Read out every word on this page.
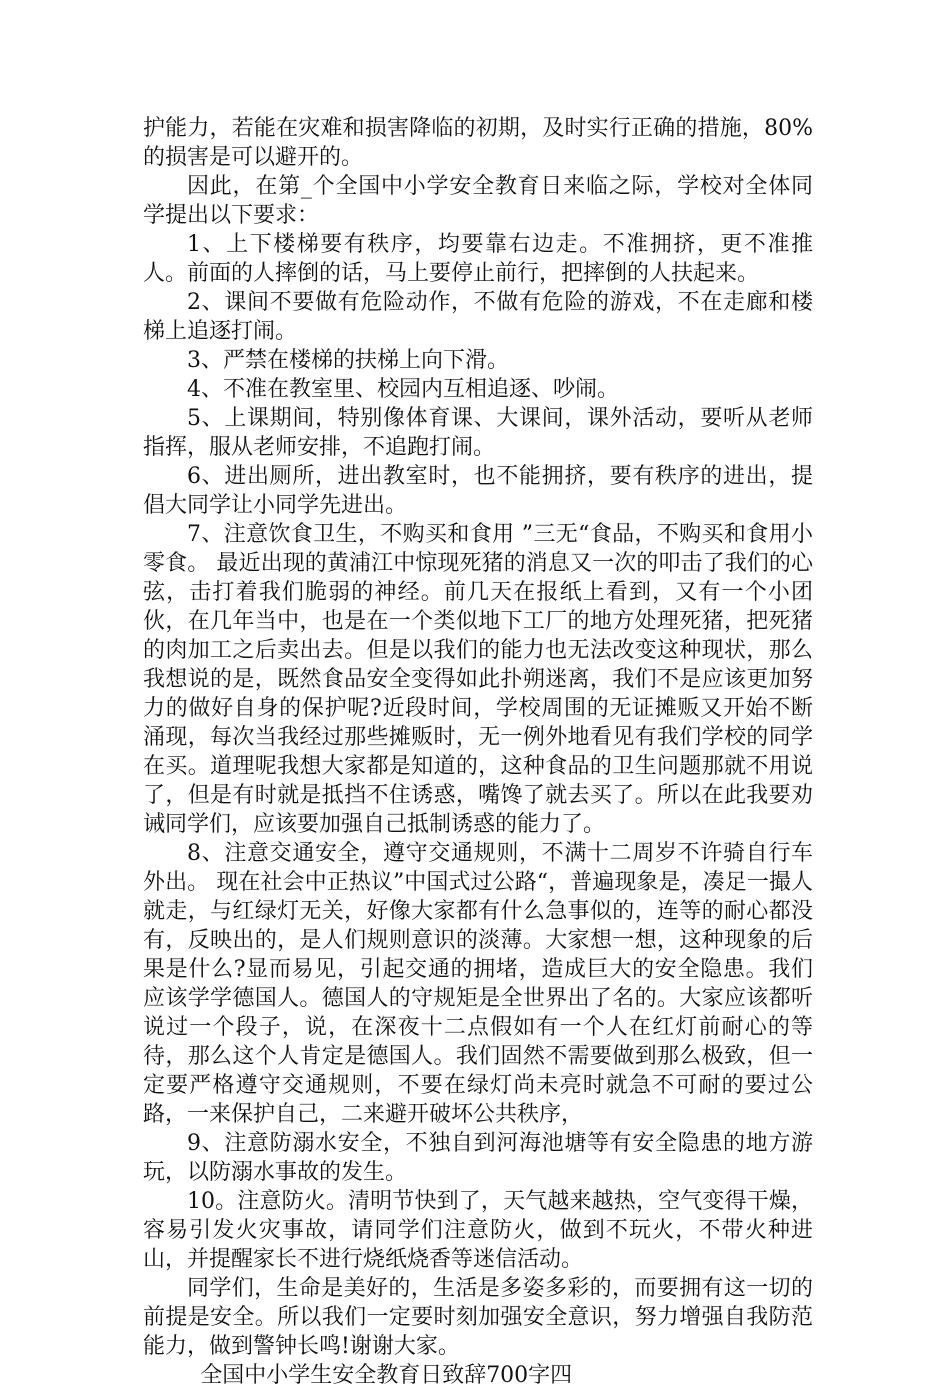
护能力，若能在灾难和损害降临的初期，及时实行正确的措施，80%的损害是可以避开的。

因此，在第_个全国中小学安全教育日来临之际，学校对全体同学提出以下要求：

1、上下楼梯要有秩序，均要靠右边走。不准拥挤，更不准推人。前面的人摔倒的话，马上要停止前行，把摔倒的人扶起来。

2、课间不要做有危险动作，不做有危险的游戏，不在走廊和楼梯上追逐打闹。

3、严禁在楼梯的扶梯上向下滑。

4、不准在教室里、校园内互相追逐、吵闹。

5、上课期间，特别像体育课、大课间，课外活动，要听从老师指挥，服从老师安排，不追跑打闹。

6、进出厕所，进出教室时，也不能拥挤，要有秩序的进出，提倡大同学让小同学先进出。

7、注意饮食卫生，不购买和食用 ”三无“食品，不购买和食用小零食。 最近出现的黄浦江中惊现死猪的消息又一次的叩击了我们的心弦，击打着我们脆弱的神经。前几天在报纸上看到，又有一个小团伙，在几年当中，也是在一个类似地下工厂的地方处理死猪，把死猪的肉加工之后卖出去。但是以我们的能力也无法改变这种现状，那么我想说的是，既然食品安全变得如此扑朔迷离，我们不是应该更加努力的做好自身的保护呢?近段时间，学校周围的无证摊贩又开始不断涌现，每次当我经过那些摊贩时，无一例外地看见有我们学校的同学在买。道理呢我想大家都是知道的，这种食品的卫生问题那就不用说了，但是有时就是抵挡不住诱惑，嘴馋了就去买了。所以在此我要劝诫同学们，应该要加强自己抵制诱惑的能力了。

8、注意交通安全，遵守交通规则，不满十二周岁不许骑自行车外出。 现在社会中正热议”中国式过公路“，普遍现象是，凑足一撮人就走，与红绿灯无关，好像大家都有什么急事似的，连等的耐心都没有，反映出的，是人们规则意识的淡薄。大家想一想，这种现象的后果是什么?显而易见，引起交通的拥堵，造成巨大的安全隐患。我们应该学学德国人。德国人的守规矩是全世界出了名的。大家应该都听说过一个段子，说，在深夜十二点假如有一个人在红灯前耐心的等待，那么这个人肯定是德国人。我们固然不需要做到那么极致，但一定要严格遵守交通规则，不要在绿灯尚未亮时就急不可耐的要过公路，一来保护自己，二来避开破坏公共秩序，

9、注意防溺水安全，不独自到河海池塘等有安全隐患的地方游玩，以防溺水事故的发生。

10。注意防火。清明节快到了，天气越来越热，空气变得干燥，容易引发火灾事故，请同学们注意防火，做到不玩火，不带火种进山，并提醒家长不进行烧纸烧香等迷信活动。

同学们，生命是美好的，生活是多姿多彩的，而要拥有这一切的前提是安全。所以我们一定要时刻加强安全意识，努力增强自我防范能力，做到警钟长鸣!谢谢大家。

全国中小学生安全教育日致辞700字四
